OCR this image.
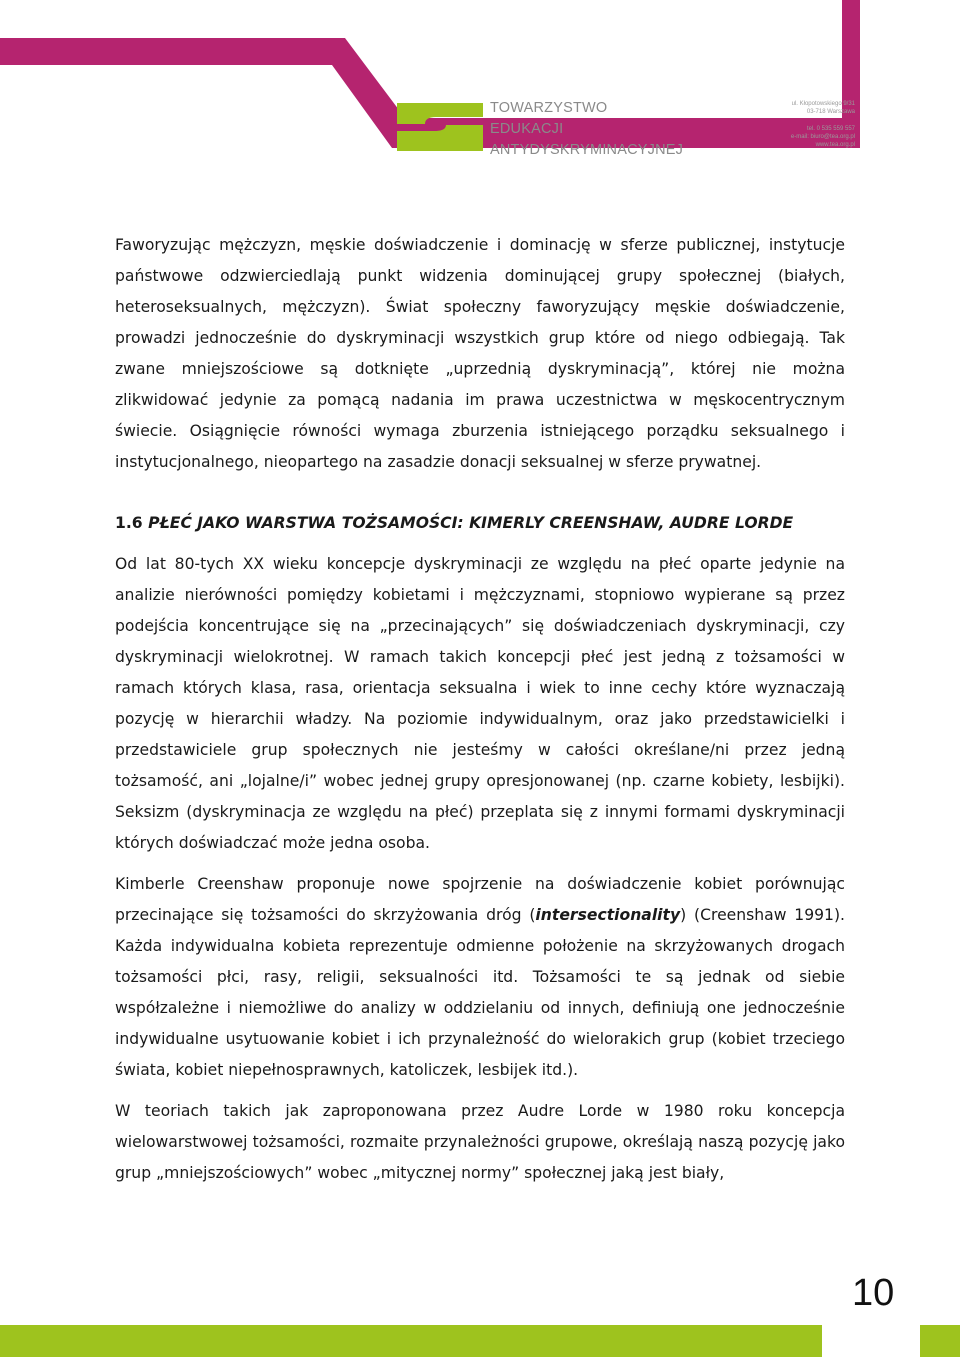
TOWARZYSTWO
EDUKACJI
ANTYDYSKRYMINACYJNEJ
ul. Kłopotowskiego 9/31
03-718 Warszawa

tel. 0 535 559 557
e-mail: biuro@tea.org.pl
www.tea.org.pl

Faworyzując mężczyzn, męskie doświadczenie i dominację w sferze publicznej, instytucje państwowe odzwierciedlają punkt widzenia dominującej grupy społecznej (białych, heteroseksualnych, mężczyzn). Świat społeczny faworyzujący męskie doświadczenie, prowadzi jednocześnie do dyskryminacji wszystkich grup które od niego odbiegają. Tak zwane mniejszościowe są dotknięte „uprzednią dyskryminacją”, której nie można zlikwidować jedynie za pomącą nadania im prawa uczestnictwa w męskocentrycznym świecie. Osiągnięcie równości wymaga zburzenia istniejącego porządku seksualnego i instytucjonalnego, nieopartego na zasadzie donacji seksualnej w sferze prywatnej.

1.6 PŁEĆ JAKO WARSTWA TOŻSAMOŚCI: KIMERLY CREENSHAW, AUDRE LORDE

Od lat 80-tych XX wieku koncepcje dyskryminacji ze względu na płeć oparte jedynie na analizie nierówności pomiędzy kobietami i mężczyznami, stopniowo wypierane są przez podejścia koncentrujące się na „przecinających” się doświadczeniach dyskryminacji, czy dyskryminacji wielokrotnej. W ramach takich koncepcji płeć jest jedną z tożsamości w ramach których klasa, rasa, orientacja seksualna i wiek to inne cechy które wyznaczają pozycję w hierarchii władzy. Na poziomie indywidualnym, oraz jako przedstawicielki i przedstawiciele grup społecznych nie jesteśmy w całości określane/ni przez jedną tożsamość, ani „lojalne/i” wobec jednej grupy opresjonowanej (np. czarne kobiety, lesbijki). Seksizm (dyskryminacja ze względu na płeć) przeplata się z innymi formami dyskryminacji których doświadczać może jedna osoba.

Kimberle Creenshaw proponuje nowe spojrzenie na doświadczenie kobiet porównując przecinające się tożsamości do skrzyżowania dróg (intersectionality) (Creenshaw 1991). Każda indywidualna kobieta reprezentuje odmienne położenie na skrzyżowanych drogach tożsamości płci, rasy, religii, seksualności itd. Tożsamości te są jednak od siebie współzależne i niemożliwe do analizy w oddzielaniu od innych, definiują one jednocześnie indywidualne usytuowanie kobiet i ich przynależność do wielorakich grup (kobiet trzeciego świata, kobiet niepełnosprawnych, katoliczek, lesbijek itd.).

W teoriach takich jak zaproponowana przez Audre Lorde w 1980 roku koncepcja wielowarstwowej tożsamości, rozmaite przynależności grupowe, określają naszą pozycję jako grup „mniejszościowych” wobec „mitycznej normy” społecznej jaką jest biały,

10
